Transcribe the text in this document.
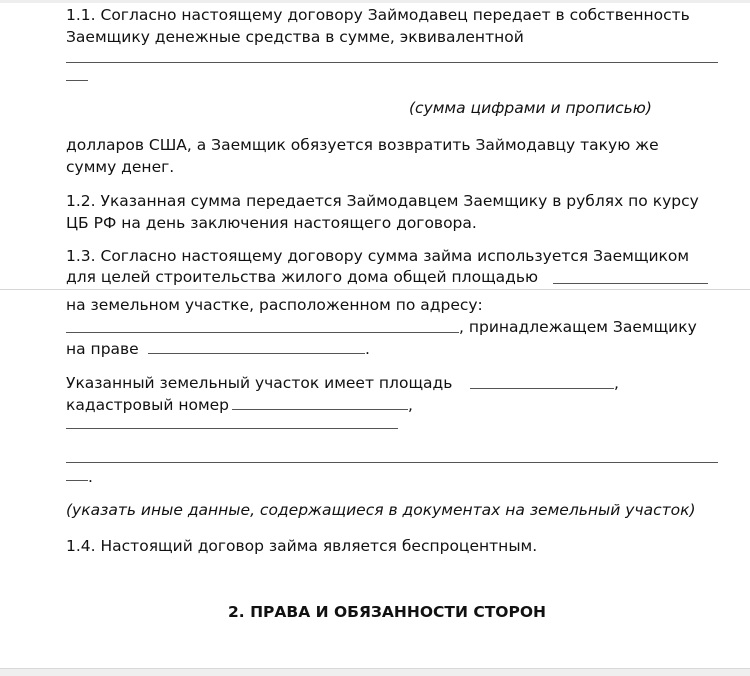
1.1. Согласно настоящему договору Займодавец передает в собственность
Заемщику денежные средства в сумме, эквивалентной
(сумма цифрами и прописью)
долларов США, а Заемщик обязуется возвратить Займодавцу такую же
сумму денег.
1.2. Указанная сумма передается Займодавцем Заемщику в рублях по курсу
ЦБ РФ на день заключения настоящего договора.
1.3. Согласно настоящему договору сумма займа используется Заемщиком
для целей строительства жилого дома общей площадью
на земельном участке, расположенном по адресу:
, принадлежащем Заемщику
на праве	.
Указанный земельный участок имеет площадь	,
кадастровый номер	,
.
(указать иные данные, содержащиеся в документах на земельный участок)
1.4. Настоящий договор займа является беспроцентным.
2. ПРАВА И ОБЯЗАННОСТИ СТОРОН
